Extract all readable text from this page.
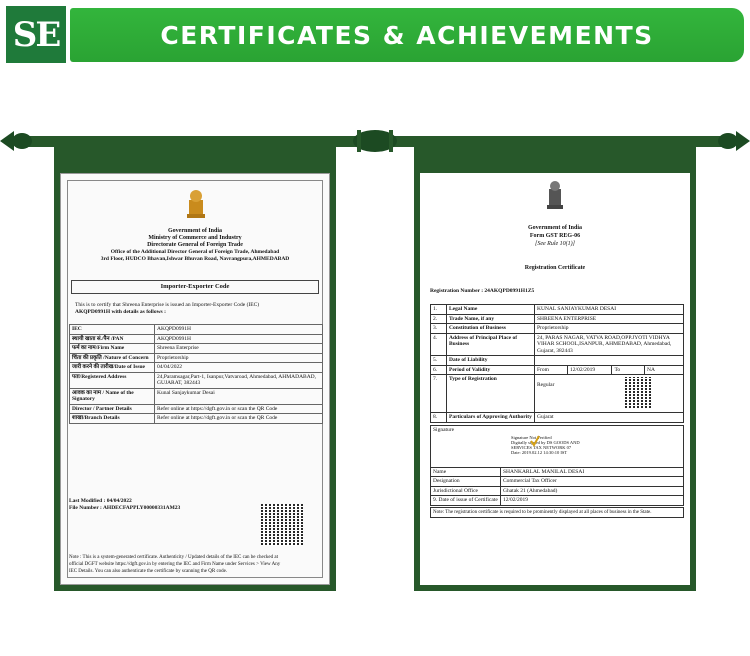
SE	CERTIFICATES & ACHIEVEMENTS
Government of India
Ministry of Commerce and Industry
Directorate General of Foreign Trade
Office of the Additional Director General of Foreign Trade, Ahmedabad
3rd Floor, HUDCO Bhavan,Ishwar Bhuvan Road, Navrangpura,AHMEDABAD
Importer-Exporter Code
This is to certify that Shreena Enterprise is issued an Importer-Exporter Code (IEC)
AKQPD0991H with details as follows :
IEC	AKQPD0991H
स्थायी खाता सं./पैन /PAN	AKQPD0991H
फर्म का नाम/Firm Name	Shreena Enterprise
चिंता की प्रकृति /Nature of Concern	Proprietorship
जारी करने की तारीख/Date of Issue	04/04/2022
पता/Registered Address	24,Paramsagar,Part-1, Isanpur,Vatvaroad, Ahmedabad, AHMADABAD, GUJARAT, 382443
आवक का नाम / Name of the Signatory	Kunal Sanjaykumar Desai
Director / Partner Details	Refer online at https://dgft.gov.in or scan the QR Code
शाखा/Branch Details	Refer online at https://dgft.gov.in or scan the QR Code
Last Modified : 04/04/2022
File Number : AHDECFAPPLY00000331AM23
Note : This is a system-generated certificate. Authenticity / Updated details of the IEC can be checked at
official DGFT website https://dgft.gov.in by entering the IEC and Firm Name under Services > View Any
IEC Details. You can also authenticate the certificate by scanning the QR code.
Government of India
Form GST REG-06
[See Rule 10(1)]
Registration Certificate
Registration Number : 24AKQPD0991H1Z5
1.	Legal Name	KUNAL SANJAYKUMAR DESAI
2.	Trade Name, if any	SHREENA ENTERPRISE
3.	Constitution of Business	Proprietorship
4.	Address of Principal Place of Business	24, PARAS NAGAR, VATVA ROAD,OPP.JYOTI VIDHYA VIHAR SCHOOL,ISANPUR, AHMEDABAD, Ahmedabad, Gujarat, 382443
5.	Date of Liability	
6.	Period of Validity		From	12/02/2019	To	NA

7.	Type of Registration	
Regular

8.	Particulars of Approving Authority	Gujarat
Signature
Signature Not Verified
Digitally signed by DS GOODS AND
SERVICES TAX NETWORK 07
Date: 2019.02.12 14:30:10 IST	

Name	SHANKARLAL MANILAL DESAI
Designation	Commercial Tax Officer
Jurisdictional Office	Ghatak 21 (Ahmedabad)
9. Date of issue of Certificate	12/02/2019
Note: The registration certificate is required to be prominently displayed at all places of business in the State.
